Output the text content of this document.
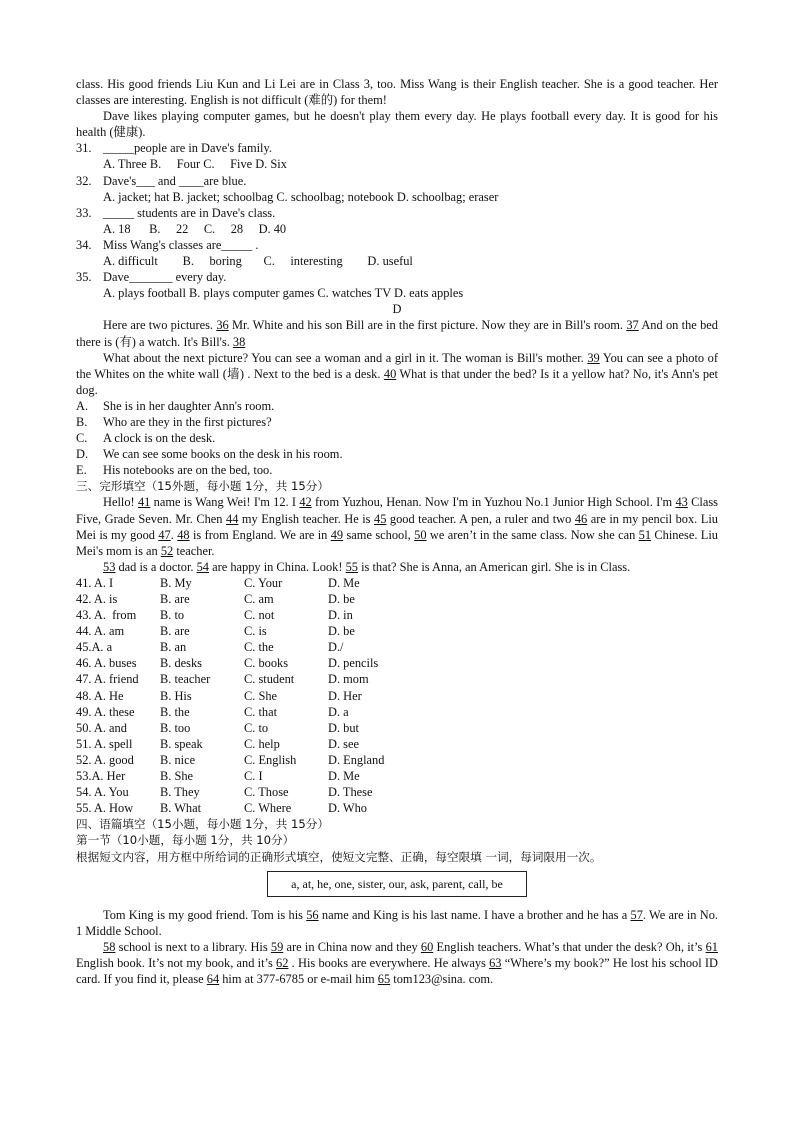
class. His good friends Liu Kun and Li Lei are in Class 3, too. Miss Wang is their English teacher. She is a good teacher. Her classes are interesting. English is not difficult (难的) for them!

Dave likes playing computer games, but he doesn't play them every day. He plays football every day. It is good for his health (健康).

31. _____people are in Dave's family.
A. Three B.     Four C.     Five D. Six
32. Dave's___ and ____are blue.
A. jacket; hat B. jacket; schoolbag C. schoolbag; notebook D. schoolbag; eraser
33. _____ students are in Dave's class.
A. 18      B.     22     C.     28     D. 40
34. Miss Wang's classes are_____ .
A. difficult        B.     boring       C.     interesting        D. useful
35. Dave_______ every day.
A. plays football B. plays computer games C. watches TV D. eats apples

D

Here are two pictures. 36 Mr. White and his son Bill are in the first picture. Now they are in Bill's room. 37 And on the bed there is (有) a watch. It's Bill's. 38

What about the next picture? You can see a woman and a girl in it. The woman is Bill's mother. 39 You can see a photo of the Whites on the white wall (墙) . Next to the bed is a desk. 40 What is that under the bed? Is it a yellow hat? No, it's Ann's pet dog.

A.	She is in her daughter Ann's room.
B.	Who are they in the first pictures?
C.	A clock is on the desk.
D.	We can see some books on the desk in his room.
E.	His notebooks are on the bed, too.

三、完形填空（15外题，每小题 1分，共 15分）

Hello! 41 name is Wang Wei! I'm 12. I 42 from Yuzhou, Henan. Now I'm in Yuzhou No.1 Junior High School. I'm 43 Class Five, Grade Seven. Mr. Chen 44 my English teacher. He is 45 good teacher. A pen, a ruler and two 46 are in my pencil box. Liu Mei is my good 47. 48 is from England. We are in 49 same school, 50 we aren’t in the same class. Now she can 51 Chinese. Liu Mei's mom is an 52 teacher.

53 dad is a doctor. 54 are happy in China. Look! 55 is that? She is Anna, an American girl. She is in Class.

41. A. I	B. My	C. Your	D. Me
42. A. is	B. are	C. am	D. be
43. A.  from	B. to	C. not	D. in
44. A. am	B. are	C. is	D. be
45.A. a	B. an	C. the	D./
46. A. buses	B. desks	C. books	D. pencils
47. A. friend	B. teacher	C. student	D. mom
48. A. He	B. His	C. She	D. Her
49. A. these	B. the	C. that	D. a
50. A. and	B. too	C. to	D. but
51. A. spell	B. speak	C. help	D. see
52. A. good	B. nice	C. English	D. England
53.A. Her	B. She	C. I	D. Me
54. A. You	B. They	C. Those	D. These
55. A. How	B. What	C. Where	D. Who

四、语篇填空（15小题，每小题 1分，共 15分）

第一节（10小题，每小题 1分，共 10分）

根据短文内容，用方框中所给词的正确形式填空，使短文完整、正确，每空限填 一词，每词限用一次。

a, at, he, one, sister, our, ask, parent, call, be

Tom King is my good friend. Tom is his 56 name and King is his last name. I have a brother and he has a 57. We are in No. 1 Middle School.

58 school is next to a library. His 59 are in China now and they 60 English teachers. What’s that under the desk? Oh, it’s 61 English book. It’s not my book, and it’s 62 . His books are everywhere. He always 63 “Where’s my book?” He lost his school ID card. If you find it, please 64 him at 377-6785 or e-mail him 65 tom123@sina. com.
